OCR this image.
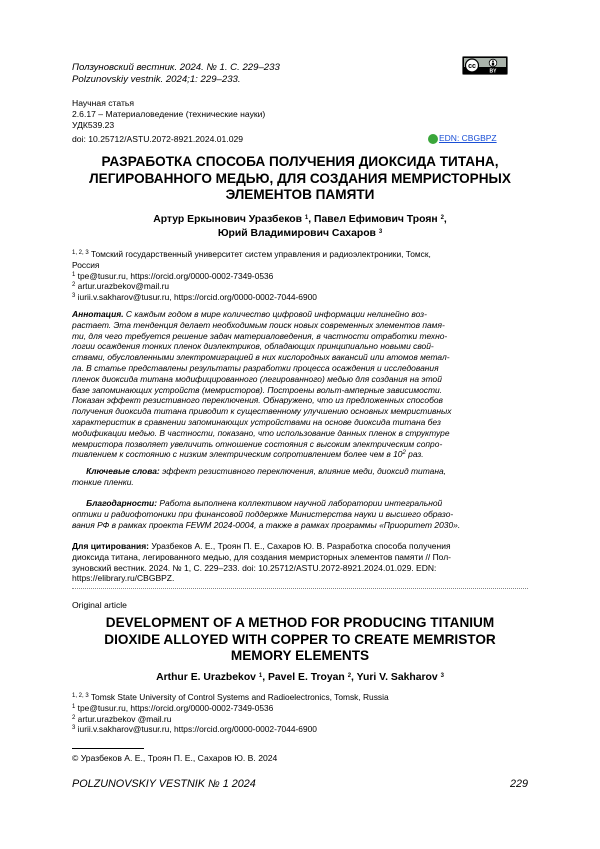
Ползуновский вестник. 2024. № 1. С. 229–233
Polzunovskiy vestnik. 2024;1: 229–233.
cc
BY
Научная статья
2.6.17 – Материаловедение (технические науки)
УДК539.23
doi: 10.25712/ASTU.2072-8921.2024.01.029	EDN: CBGBPZ
РАЗРАБОТКА СПОСОБА ПОЛУЧЕНИЯ ДИОКСИДА ТИТАНА,
ЛЕГИРОВАННОГО МЕДЬЮ, ДЛЯ СОЗДАНИЯ МЕМРИСТОРНЫХ
ЭЛЕМЕНТОВ ПАМЯТИ
Артур Еркынович Уразбеков $^1$, Павел Ефимович Троян $^2$,
Юрий Владимирович Сахаров $^3$
$^{1, 2, 3}$ Томский государственный университет систем управления и радиоэлектроники, Томск,
Россия
$^1$ tpe@tusur.ru, https://orcid.org/0000-0002-7349-0536
$^2$ artur.urazbekov@mail.ru
$^3$ iurii.v.sakharov@tusur.ru, https://orcid.org/0000-0002-7044-6900
Аннотация. С каждым годом в мире количество цифровой информации нелинейно воз-
растает. Эта тенденция делает необходимым поиск новых современных элементов памя-
ти, для чего требуется решение задач материаловедения, в частности отработки техно-
логии осаждения тонких пленок диэлектриков, обладающих принципиально новыми свой-
ствами, обусловленными электромиграцией в них кислородных вакансий или атомов метал-
ла. В статье представлены результаты разработки процесса осаждения и исследования
пленок диоксида титана модифицированного (легированного) медью для создания на этой
базе запоминающих устройств (мемристоров). Построены вольт-амперные зависимости.
Показан эффект резистивного переключения. Обнаружено, что из предложенных способов
получения диоксида титана приводит к существенному улучшению основных мемристивных
характеристик в сравнении запоминающих устройствами на основе диоксида титана без
модификации медью. В частности, показано, что использование данных пленок в структуре
мемристора позволяет увеличить отношение состояния с высоким электрическим сопро-
тивлением к состоянию с низким электрическим сопротивлением более чем в $10^2$ раз.
Ключевые слова: эффект резистивного переключения, влияние меди, диоксид титана,
тонкие пленки.
Благодарности: Работа выполнена коллективом научной лаборатории интегральной
оптики и радиофотоники при финансовой поддержке Министерства науки и высшего образо-
вания РФ в рамках проекта FEWM 2024-0004, а также в рамках программы «Приоритет 2030».
Для цитирования: Уразбеков А. Е., Троян П. Е., Сахаров Ю. В. Разработка способа получения
диоксида титана, легированного медью, для создания мемристорных элементов памяти // Пол-
зуновский вестник. 2024. № 1, С. 229–233. doi: 10.25712/ASTU.2072-8921.2024.01.029. EDN:
https://elibrary.ru/CBGBPZ.
Original article
DEVELOPMENT OF A METHOD FOR PRODUCING TITANIUM
DIOXIDE ALLOYED WITH COPPER TO CREATE MEMRISTOR
MEMORY ELEMENTS
Arthur E. Urazbekov $^1$, Pavel E. Troyan $^2$, Yuri V. Sakharov $^3$
$^{1, 2, 3}$ Tomsk State University of Control Systems and Radioelectronics, Tomsk, Russia
$^1$ tpe@tusur.ru, https://orcid.org/0000-0002-7349-0536
$^2$ artur.urazbekov @mail.ru
$^3$ iurii.v.sakharov@tusur.ru, https://orcid.org/0000-0002-7044-6900
© Уразбеков А. Е., Троян П. Е., Сахаров Ю. В. 2024
POLZUNOVSKIY VESTNIK № 1 2024	229
